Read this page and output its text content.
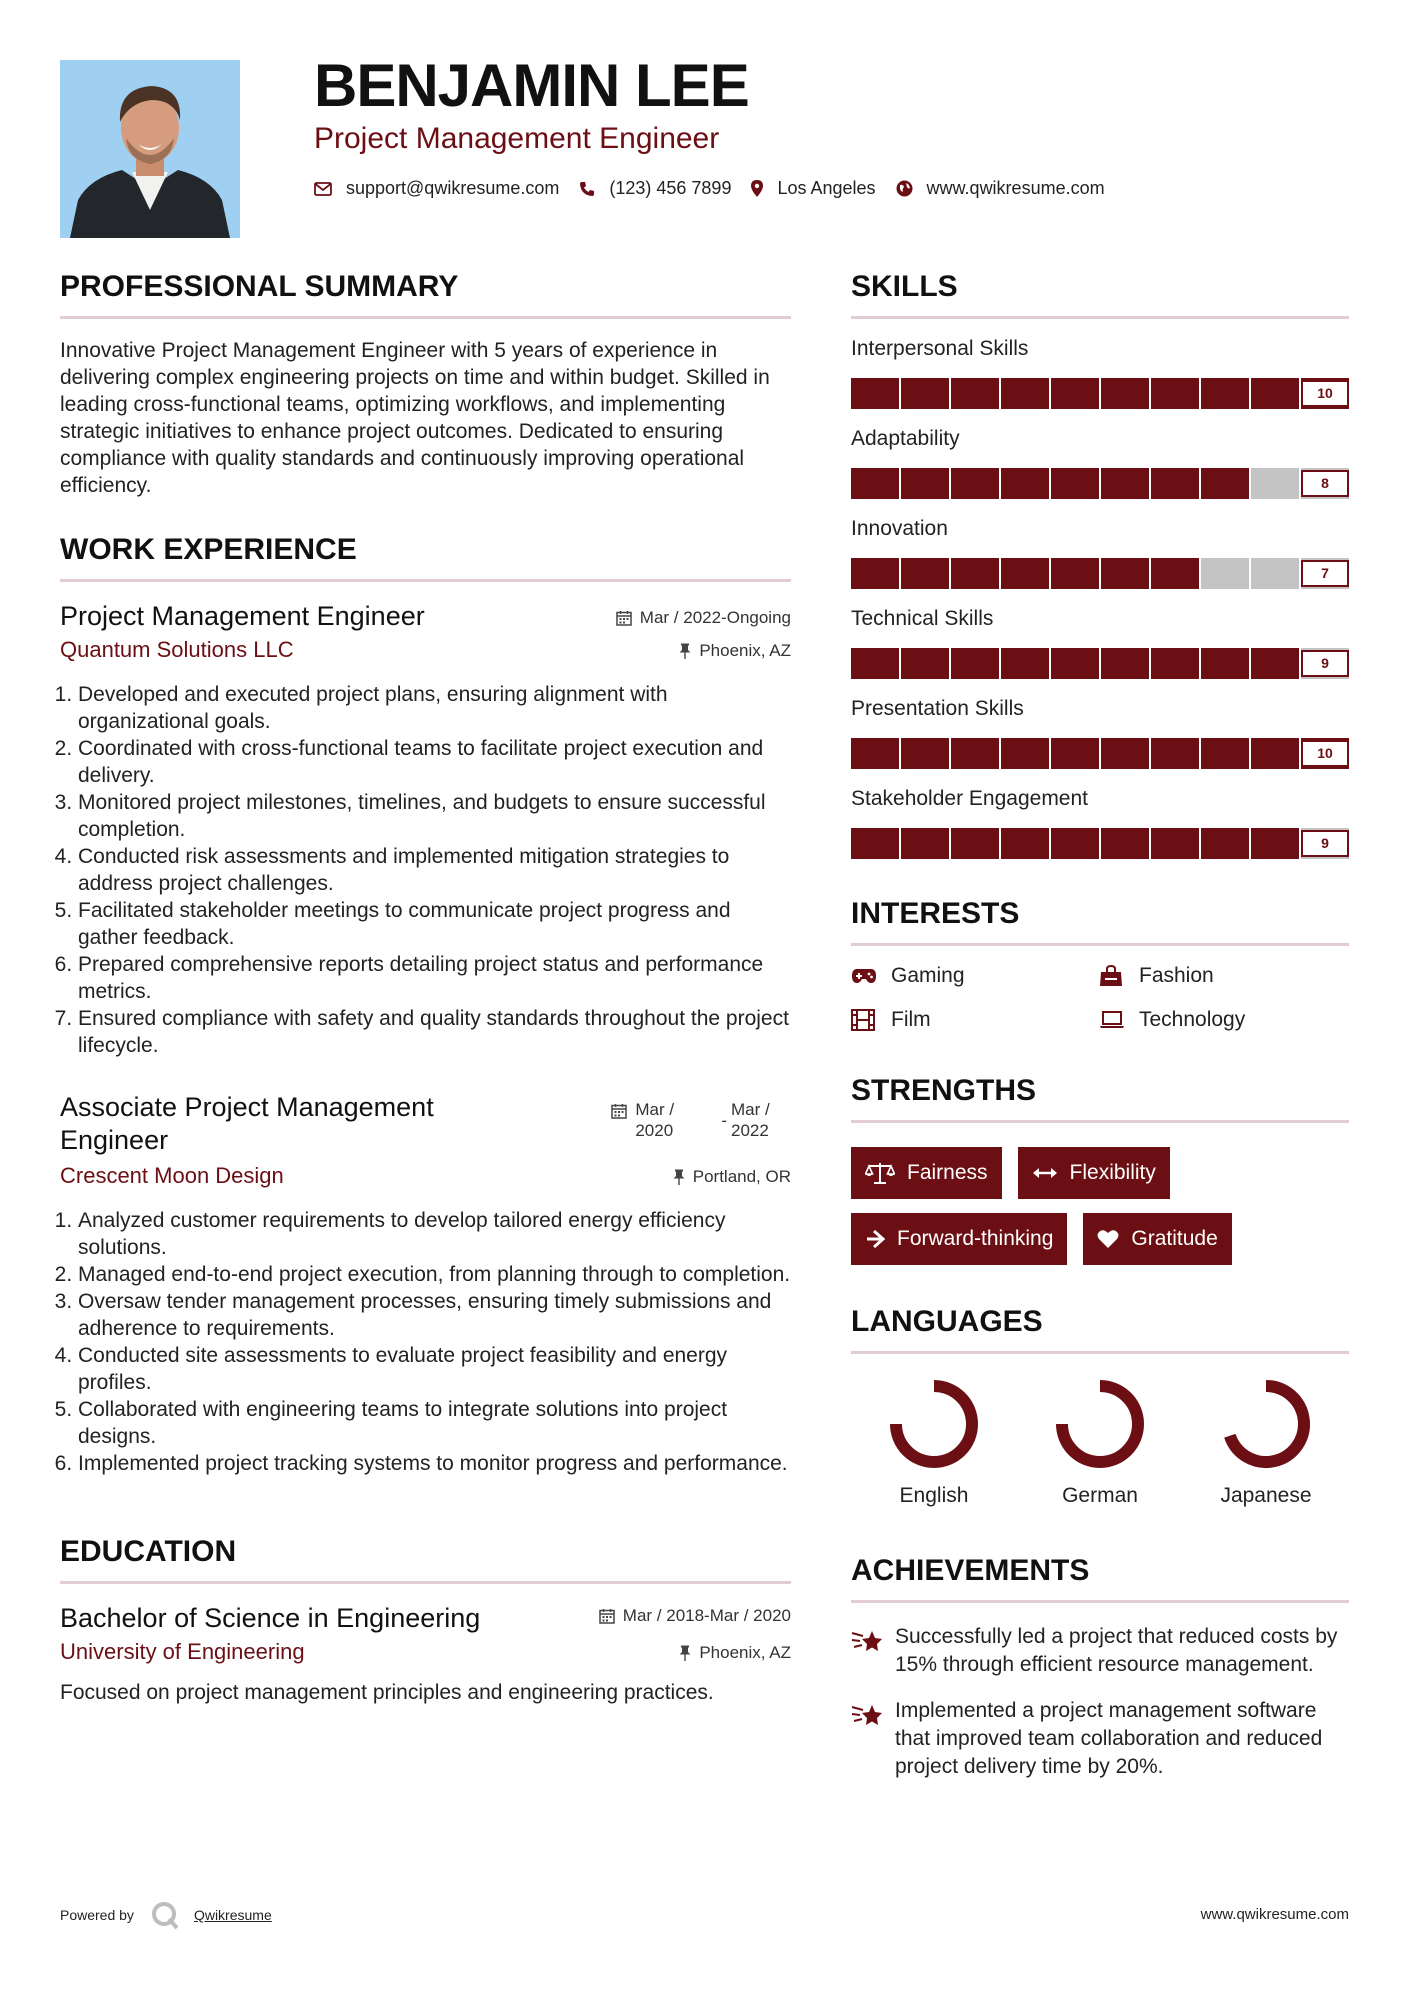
BENJAMIN LEE
Project Management Engineer
support@qwikresume.com	(123) 456 7899	Los Angeles	www.qwikresume.com
PROFESSIONAL SUMMARY

Innovative Project Management Engineer with 5 years of experience in delivering complex engineering projects on time and within budget. Skilled in leading cross-functional teams, optimizing workflows, and implementing strategic initiatives to enhance project outcomes. Dedicated to ensuring compliance with quality standards and continuously improving operational efficiency.

WORK EXPERIENCE
Project Management Engineer	Mar / 2022-Ongoing
Quantum Solutions LLC	Phoenix, AZ
1. Developed and executed project plans, ensuring alignment with organizational goals.
2. Coordinated with cross-functional teams to facilitate project execution and delivery.
3. Monitored project milestones, timelines, and budgets to ensure successful completion.
4. Conducted risk assessments and implemented mitigation strategies to address project challenges.
5. Facilitated stakeholder meetings to communicate project progress and gather feedback.
6. Prepared comprehensive reports detailing project status and performance metrics.
7. Ensured compliance with safety and quality standards throughout the project lifecycle.
Associate Project Management Engineer
Mar / 2020
-
Mar / 2022
Crescent Moon Design	Portland, OR
1. Analyzed customer requirements to develop tailored energy efficiency solutions.
2. Managed end-to-end project execution, from planning through to completion.
3. Oversaw tender management processes, ensuring timely submissions and adherence to requirements.
4. Conducted site assessments to evaluate project feasibility and energy profiles.
5. Collaborated with engineering teams to integrate solutions into project designs.
6. Implemented project tracking systems to monitor progress and performance.
EDUCATION
Bachelor of Science in Engineering	Mar / 2018-Mar / 2020
University of Engineering	Phoenix, AZ

Focused on project management principles and engineering practices.

SKILLS
Interpersonal Skills
10
Adaptability
8
Innovation
7
Technical Skills
9
Presentation Skills
10
Stakeholder Engagement
9
INTERESTS
Gaming	Fashion
Film	Technology
STRENGTHS
Fairness	Flexibility
Forward-thinking	Gratitude
LANGUAGES
English	German	Japanese
ACHIEVEMENTS
Successfully led a project that reduced costs by 15% through efficient resource management.
Implemented a project management software that improved team collaboration and reduced project delivery time by 20%.
Powered by	Qwikresume	www.qwikresume.com
